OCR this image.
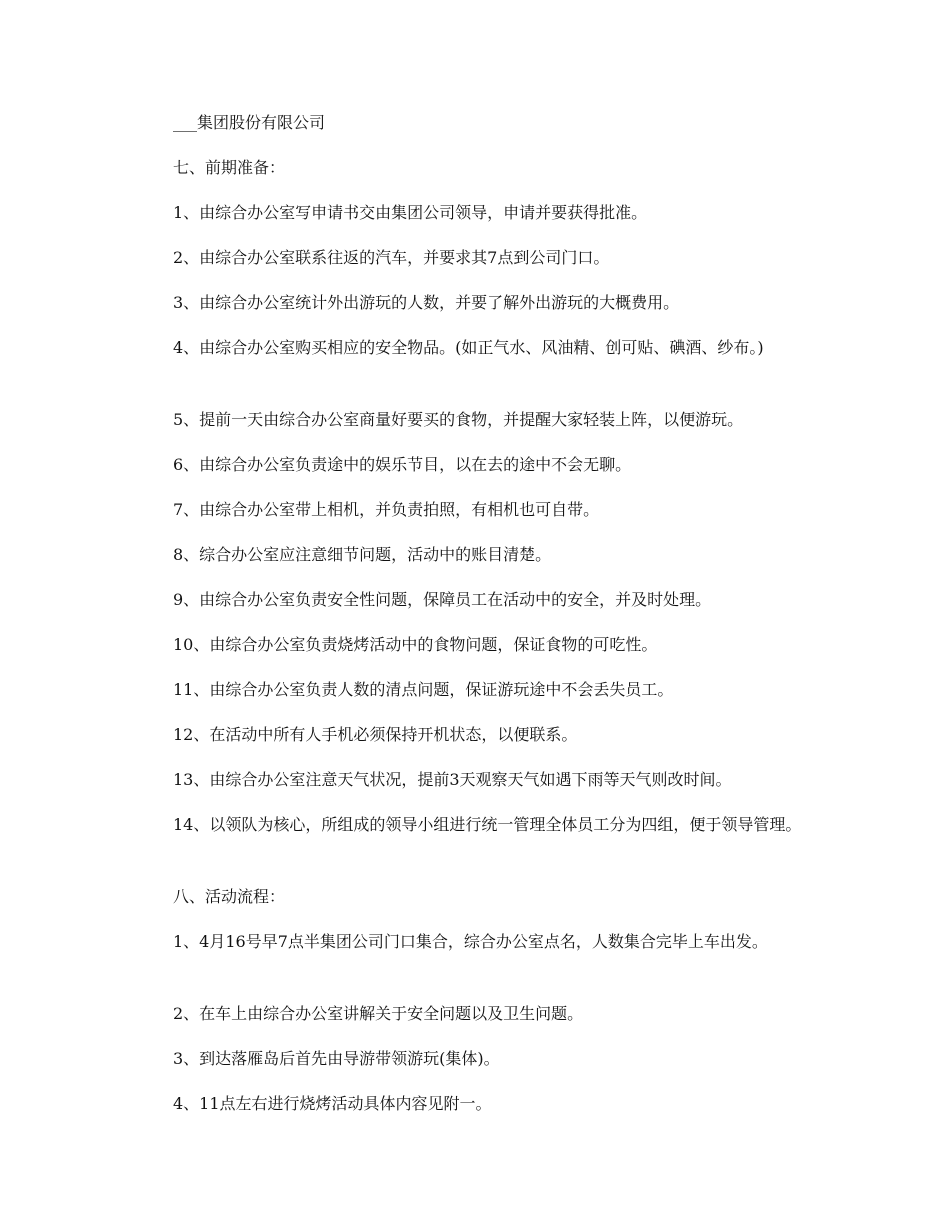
___集团股份有限公司

七、前期准备：

1、由综合办公室写申请书交由集团公司领导，申请并要获得批准。

2、由综合办公室联系往返的汽车，并要求其7点到公司门口。

3、由综合办公室统计外出游玩的人数，并要了解外出游玩的大概费用。

4、由综合办公室购买相应的安全物品。(如正气水、风油精、创可贴、碘酒、纱布。)

5、提前一天由综合办公室商量好要买的食物，并提醒大家轻装上阵，以便游玩。

6、由综合办公室负责途中的娱乐节目，以在去的途中不会无聊。

7、由综合办公室带上相机，并负责拍照，有相机也可自带。

8、综合办公室应注意细节问题，活动中的账目清楚。

9、由综合办公室负责安全性问题，保障员工在活动中的安全，并及时处理。

10、由综合办公室负责烧烤活动中的食物问题，保证食物的可吃性。

11、由综合办公室负责人数的清点问题，保证游玩途中不会丢失员工。

12、在活动中所有人手机必须保持开机状态，以便联系。

13、由综合办公室注意天气状况，提前3天观察天气如遇下雨等天气则改时间。

14、以领队为核心，所组成的领导小组进行统一管理全体员工分为四组，便于领导管理。

八、活动流程：

1、4月16号早7点半集团公司门口集合，综合办公室点名，人数集合完毕上车出发。

2、在车上由综合办公室讲解关于安全问题以及卫生问题。

3、到达落雁岛后首先由导游带领游玩(集体)。

4、11点左右进行烧烤活动具体内容见附一。
